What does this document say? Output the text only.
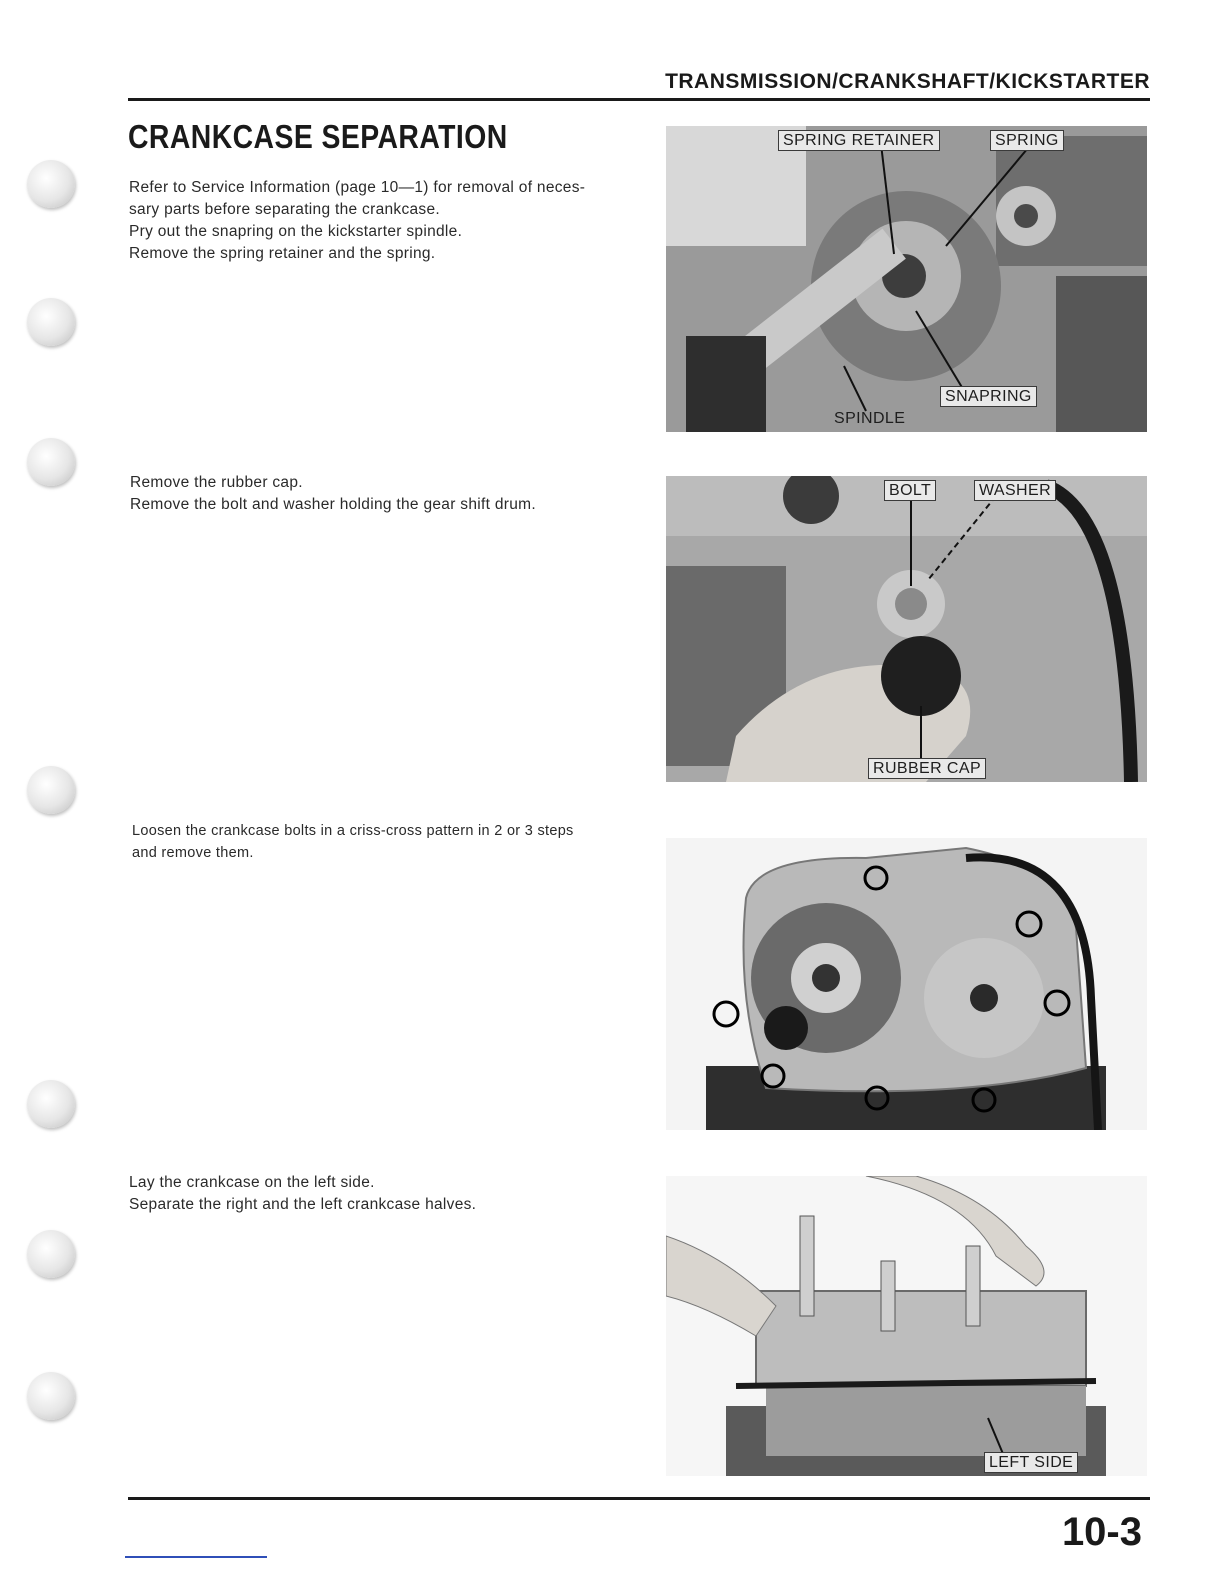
TRANSMISSION/CRANKSHAFT/KICKSTARTER
CRANKCASE SEPARATION
Refer to Service Information (page 10—1) for removal of neces-
sary parts before separating the crankcase.
Pry out the snapring on the kickstarter spindle.
Remove the spring retainer and the spring.
SPRING RETAINER	SPRING
SNAPRING
SPINDLE
Remove the rubber cap.
Remove the bolt and washer holding the gear shift drum.
BOLT	WASHER
RUBBER CAP
Loosen the crankcase bolts in a criss-cross pattern in 2 or 3 steps
and remove them.
Lay the crankcase on the left side.
Separate the right and the left crankcase halves.
LEFT SIDE
10-3
